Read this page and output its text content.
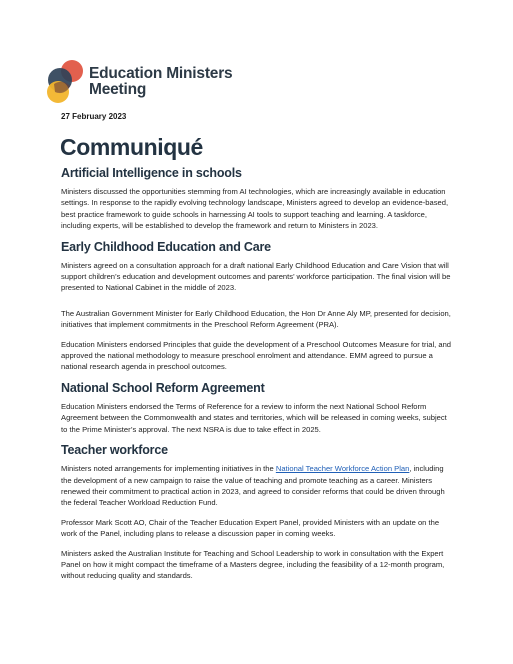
Education Ministers
Meeting
27 February 2023
Communiqué
Artificial Intelligence in schools

Ministers discussed the opportunities stemming from AI technologies, which are increasingly available in education settings. In response to the rapidly evolving technology landscape, Ministers agreed to develop an evidence-based, best practice framework to guide schools in harnessing AI tools to support teaching and learning. A taskforce, including experts, will be established to develop the framework and return to Ministers in 2023.

Early Childhood Education and Care

Ministers agreed on a consultation approach for a draft national Early Childhood Education and Care Vision that will support children’s education and development outcomes and parents’ workforce participation. The final vision will be presented to National Cabinet in the middle of 2023.

The Australian Government Minister for Early Childhood Education, the Hon Dr Anne Aly MP, presented for decision, initiatives that implement commitments in the Preschool Reform Agreement (PRA).

Education Ministers endorsed Principles that guide the development of a Preschool Outcomes Measure for trial, and approved the national methodology to measure preschool enrolment and attendance. EMM agreed to pursue a national research agenda in preschool outcomes.

National School Reform Agreement

Education Ministers endorsed the Terms of Reference for a review to inform the next National School Reform Agreement between the Commonwealth and states and territories, which will be released in coming weeks, subject to the Prime Minister’s approval. The next NSRA is due to take effect in 2025.

Teacher workforce

Ministers noted arrangements for implementing initiatives in the National Teacher Workforce Action Plan, including the development of a new campaign to raise the value of teaching and promote teaching as a career. Ministers renewed their commitment to practical action in 2023, and agreed to consider reforms that could be driven through the federal Teacher Workload Reduction Fund.

Professor Mark Scott AO, Chair of the Teacher Education Expert Panel, provided Ministers with an update on the work of the Panel, including plans to release a discussion paper in coming weeks.

Ministers asked the Australian Institute for Teaching and School Leadership to work in consultation with the Expert Panel on how it might compact the timeframe of a Masters degree, including the feasibility of a 12-month program, without reducing quality and standards.
